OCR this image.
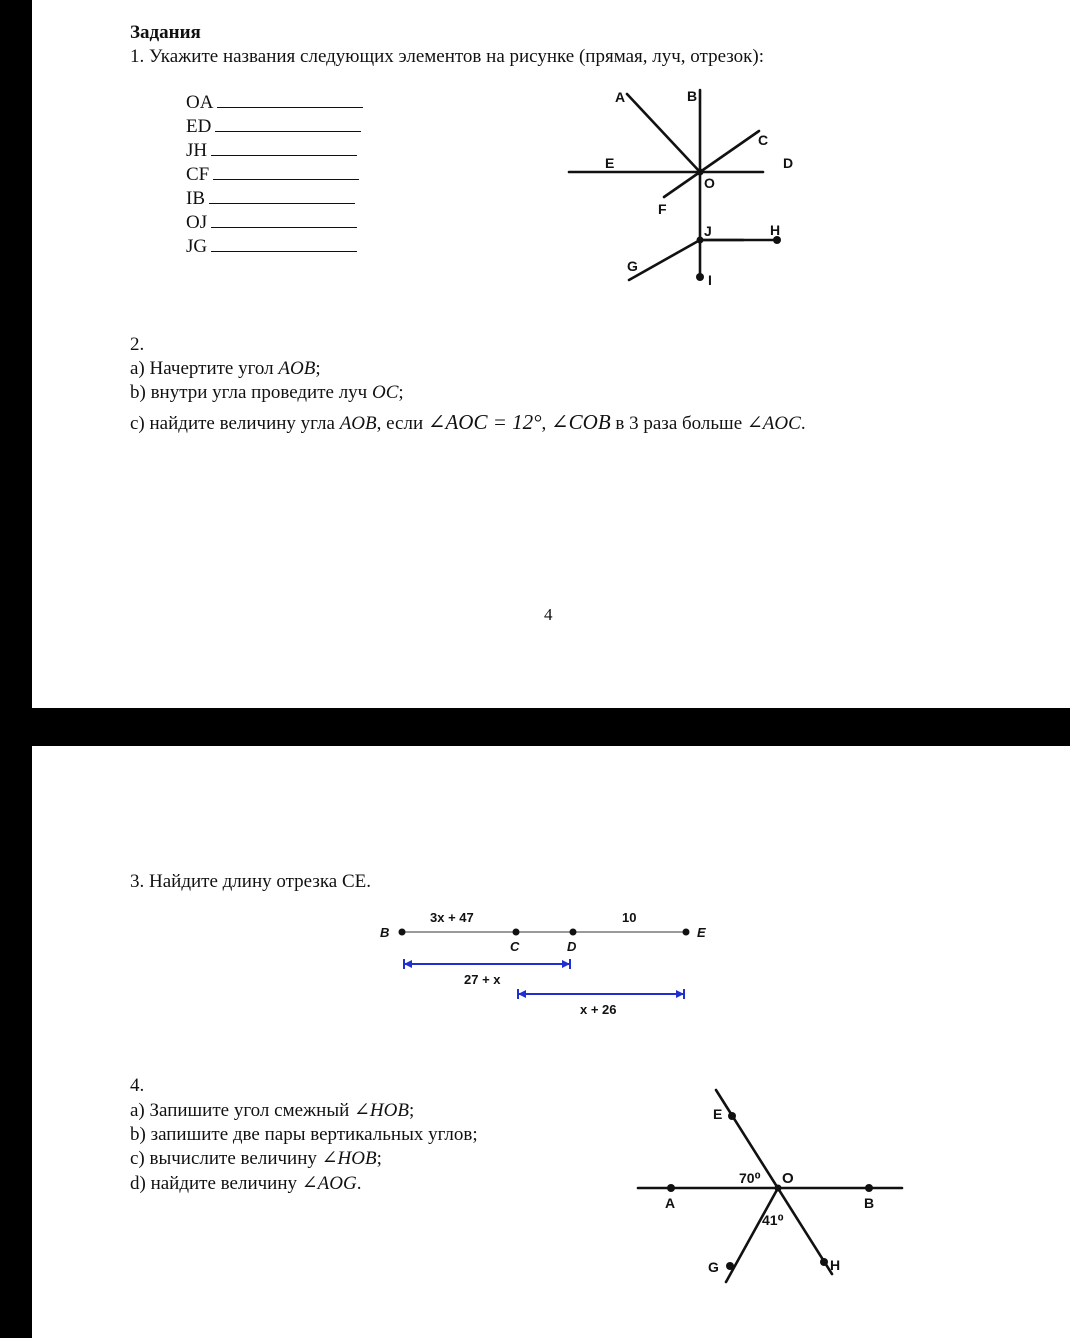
Задания
1. Укажите названия следующих элементов на рисунке (прямая, луч, отрезок):
OA
ED
JH
CF
IB
OJ
JG
A	B
C
E	D
O
F
J	H
G
I
2.
a) Начертите угол AOB;
b) внутри угла проведите луч OC;
c) найдите величину угла AOB, если ∠AOC = 12°, ∠COB в 3 раза больше ∠AOC.
4
3. Найдите длину отрезка CE.
B
C	D
E
3x + 47	10
27 + x
x + 26
4.
a) Запишите угол смежный ∠HOB;
b) запишите две пары вертикальных углов;
c) вычислите величину ∠HOB;
d) найдите величину ∠AOG.
E
O
A	B
G	H
70⁰
41⁰
